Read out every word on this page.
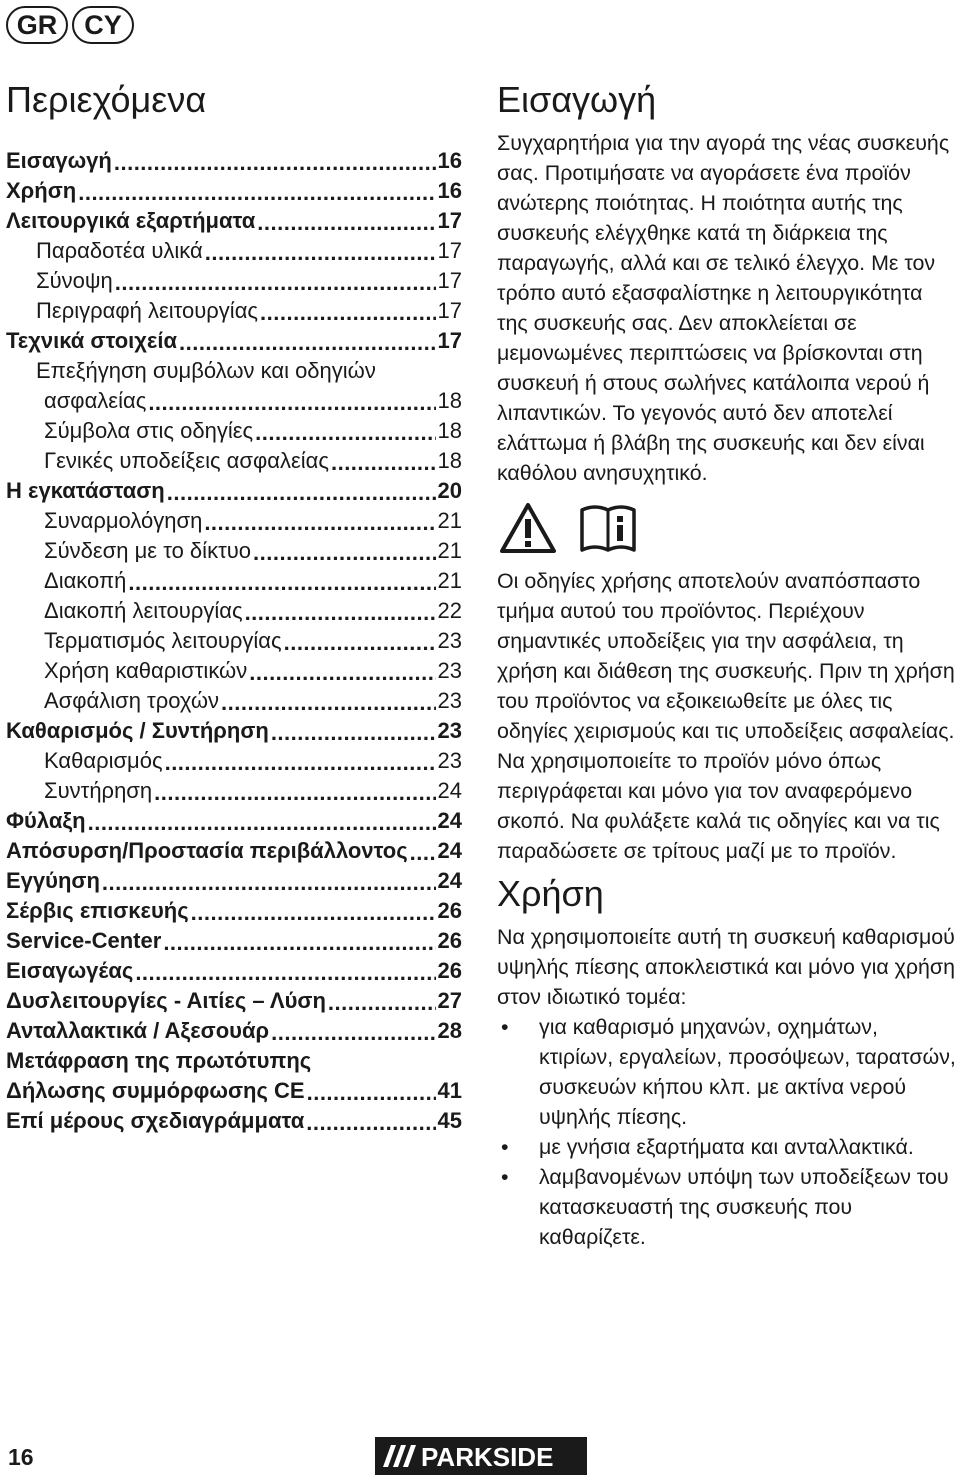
GR CY
Περιεχόμενα
Εισαγωγή .....	16
Χρήση .....	16
Λειτουργικά εξαρτήματα .....	17
Παραδοτέα υλικά .....	17
Σύνοψη .....	17
Περιγραφή λειτουργίας .....	17
Τεχνικά στοιχεία .....	17
Επεξήγηση συμβόλων και οδηγιών
ασφαλείας .....	18
Σύμβολα στις οδηγίες .....	18
Γενικές υποδείξεις ασφαλείας .....	18
Η εγκατάσταση .....	20
Συναρμολόγηση .....	21
Σύνδεση με το δίκτυο .....	21
Διακοπή .....	21
Διακοπή λειτουργίας .....	22
Τερματισμός λειτουργίας .....	23
Χρήση καθαριστικών .....	23
Ασφάλιση τροχών .....	23
Καθαρισμός / Συντήρηση .....	23
Καθαρισμός .....	23
Συντήρηση .....	24
Φύλαξη .....	24
Απόσυρση/Προστασία περιβάλλοντος ..... 24
Εγγύηση .....	24
Σέρβις επισκευής .....	26
Service-Center .....	26
Εισαγωγέας .....	26
Δυσλειτουργίες - Αιτίες – Λύση .....	27
Ανταλλακτικά / Αξεσουάρ .....	28
Μετάφραση της πρωτότυπης
Δήλωσης συμμόρφωσης CE .....	41
Επί μέρους σχεδιαγράμματα .....	45
Εισαγωγή

Συγχαρητήρια για την αγορά της νέας συσκευής σας. Προτιμήσατε να αγοράσετε ένα προϊόν ανώτερης ποιότητας. Η ποιότητα αυτής της συσκευής ελέγχθηκε κατά τη διάρκεια της παραγωγής, αλλά και σε τελικό έλεγχο. Με τον τρόπο αυτό εξασφαλίστηκε η λειτουργικότητα της συσκευής σας. Δεν αποκλείεται σε μεμονωμένες περιπτώσεις να βρίσκονται στη συσκευή ή στους σωλήνες κατάλοιπα νερού ή λιπαντικών. Το γεγονός αυτό δεν αποτελεί ελάττωμα ή βλάβη της συσκευής και δεν είναι καθόλου ανησυχητικό.

Οι οδηγίες χρήσης αποτελούν αναπόσπαστο τμήμα αυτού του προϊόντος. Περιέχουν σημαντικές υποδείξεις για την ασφάλεια, τη χρήση και διάθεση της συσκευής. Πριν τη χρήση του προϊόντος να εξοικειωθείτε με όλες τις οδηγίες χειρισμούς και τις υποδείξεις ασφαλείας. Να χρησιμοποιείτε το προϊόν μόνο όπως περιγράφεται και μόνο για τον αναφερόμενο σκοπό. Να φυλάξετε καλά τις οδηγίες και να τις παραδώσετε σε τρίτους μαζί με το προϊόν.

Χρήση

Να χρησιμοποιείτε αυτή τη συσκευή καθαρισμού υψηλής πίεσης αποκλειστικά και μόνο για χρήση στον ιδιωτικό τομέα:

• για καθαρισμό μηχανών, οχημάτων, κτιρίων, εργαλείων, προσόψεων, ταρατσών, συσκευών κήπου κλπ. με ακτίνα νερού υψηλής πίεσης.
• με γνήσια εξαρτήματα και ανταλλακτικά.
• λαμβανομένων υπόψη των υποδείξεων του κατασκευαστή της συσκευής που καθαρίζετε.
16	PARKSIDE
